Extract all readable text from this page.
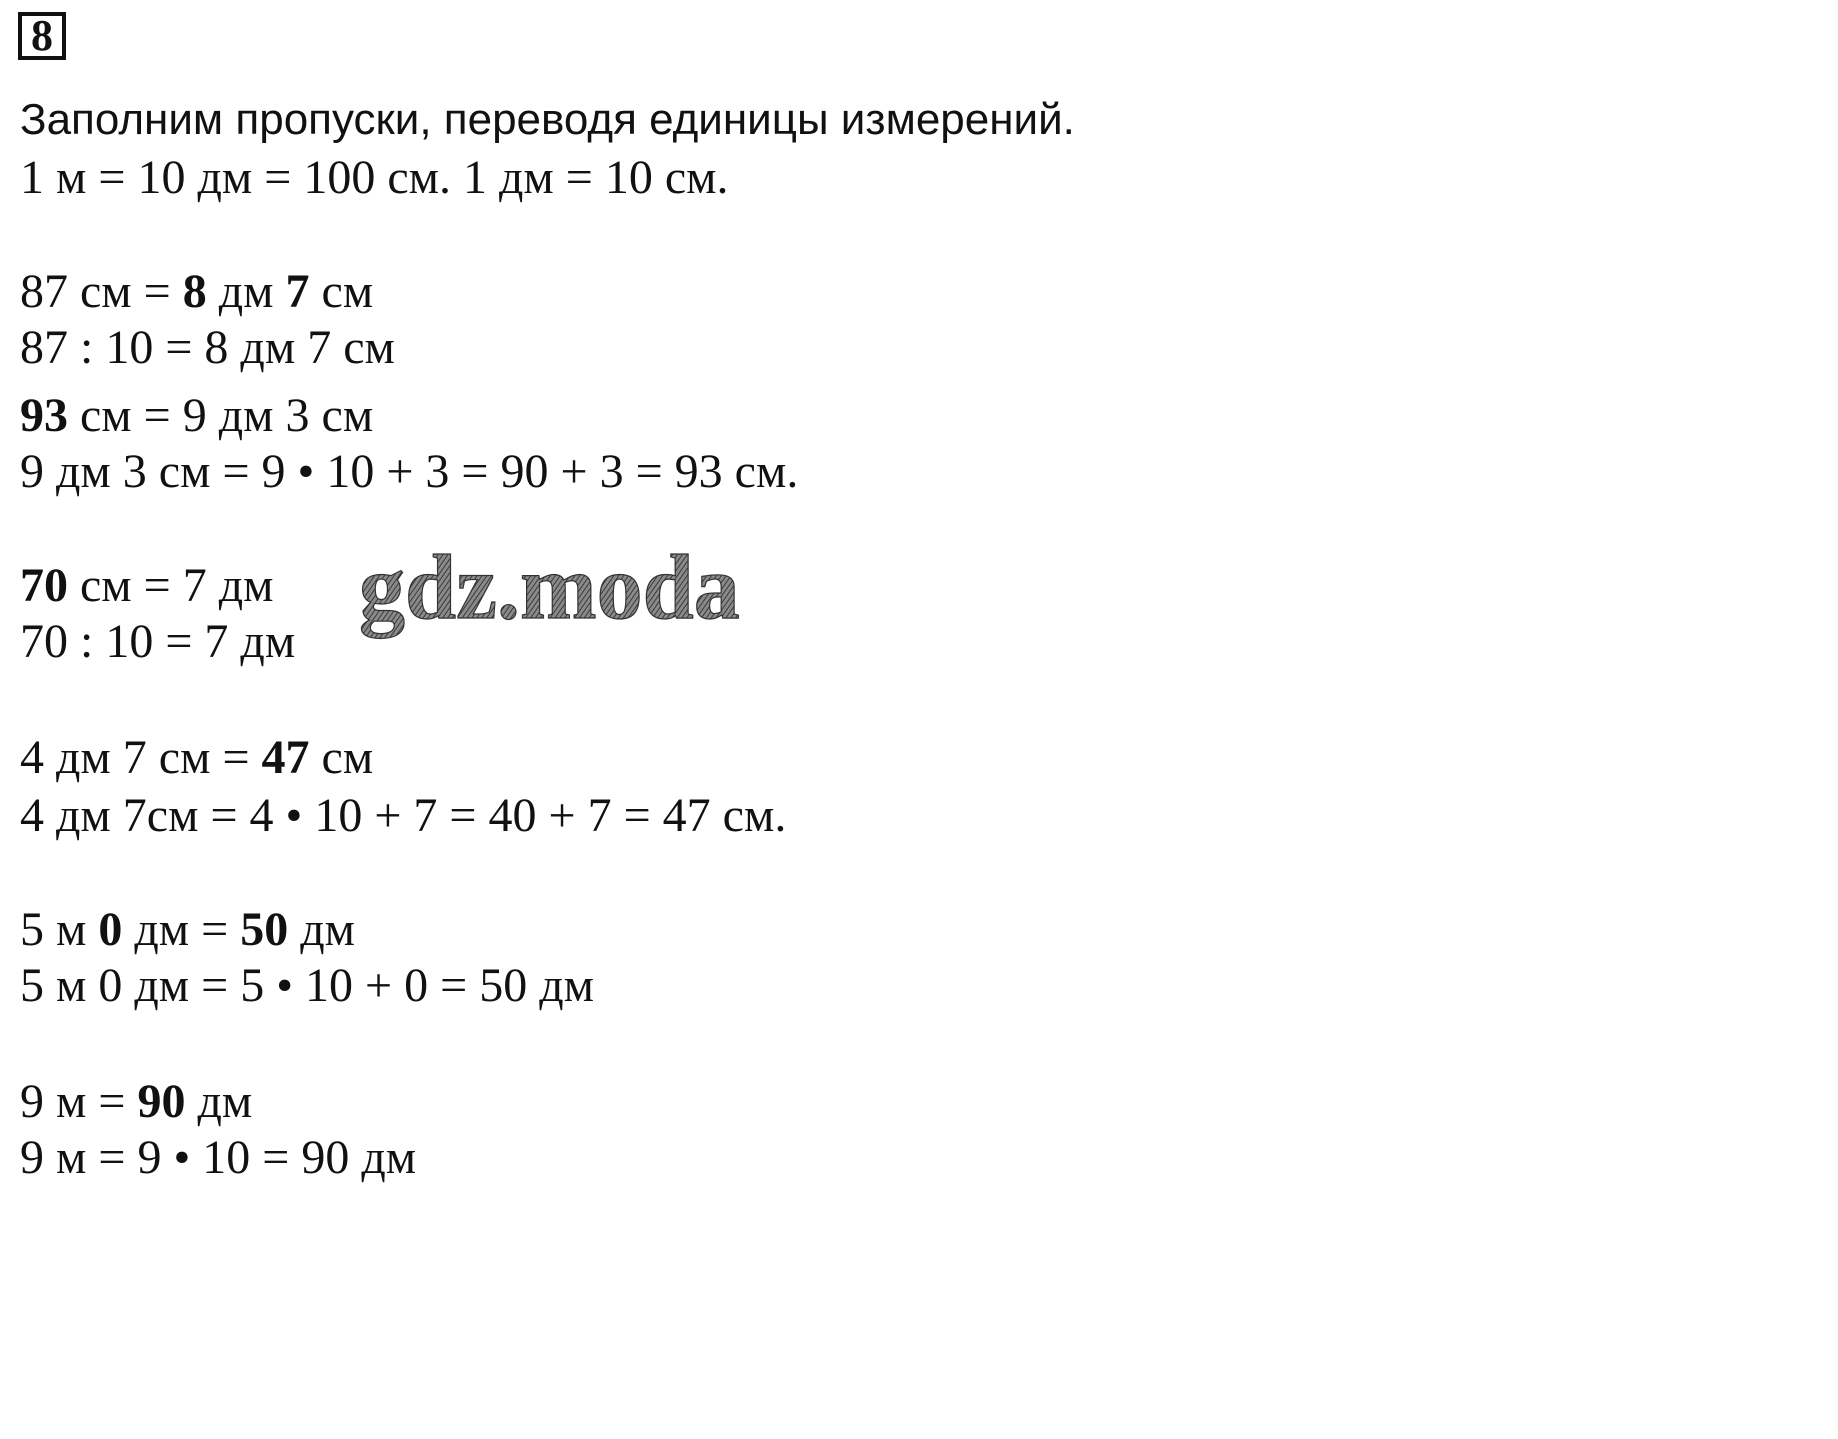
8
Заполним пропуски, переводя единицы измерений.
1 м = 10 дм = 100 см. 1 дм = 10 см.
87 см = 8 дм 7 см
87 : 10 = 8 дм 7 см
93 см = 9 дм 3 см
9 дм 3 см = 9 • 10 + 3 = 90 + 3 = 93 см.
70 см = 7 дм
70 : 10 = 7 дм
4 дм 7 см = 47 см
4 дм 7см = 4 • 10 + 7 = 40 + 7 = 47 см.
5 м 0 дм = 50 дм
5 м 0 дм = 5 • 10 + 0 = 50 дм
9 м = 90 дм
9 м = 9 • 10 = 90 дм
gdz.moda
